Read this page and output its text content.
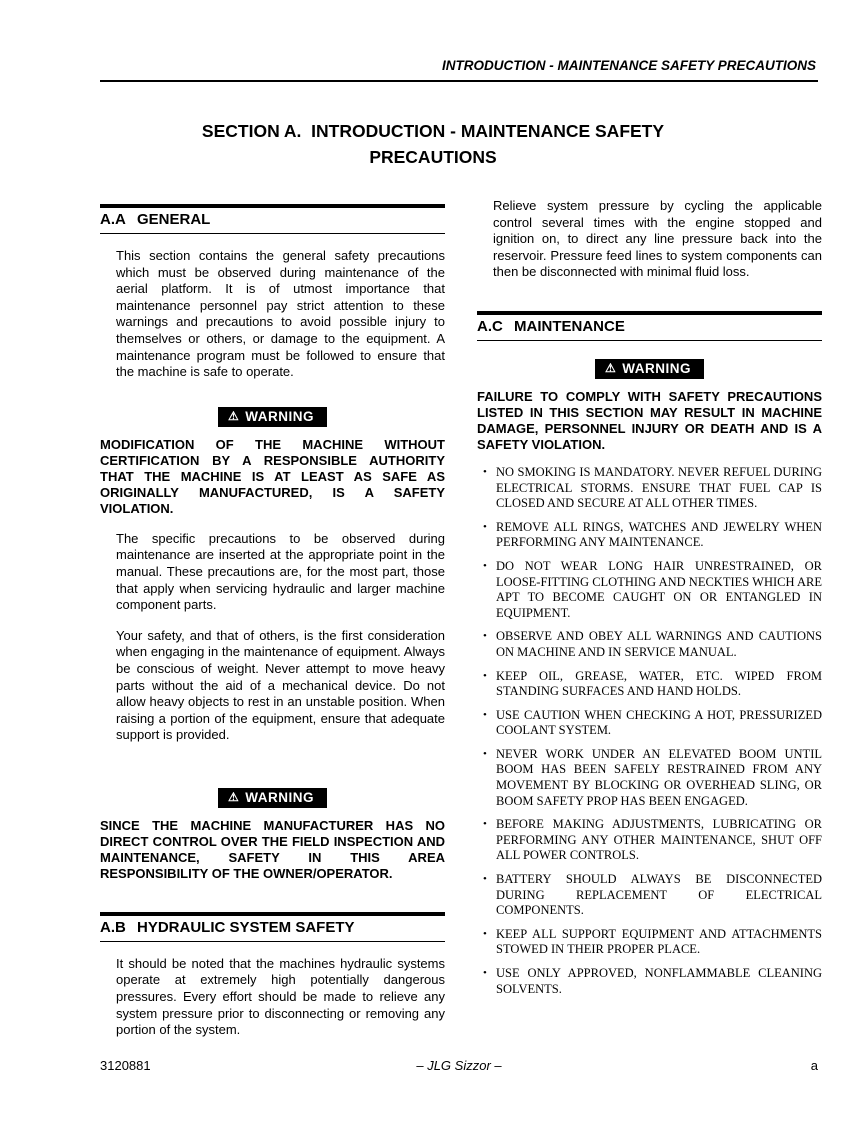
INTRODUCTION - MAINTENANCE SAFETY PRECAUTIONS
SECTION A.  INTRODUCTION - MAINTENANCE SAFETY
PRECAUTIONS
A.A GENERAL

This section contains the general safety precautions which must be observed during maintenance of the aerial platform. It is of utmost importance that maintenance personnel pay strict attention to these warnings and precautions to avoid possible injury to themselves or others, or damage to the equipment. A maintenance program must be followed to ensure that the machine is safe to operate.

⚠ WARNING

MODIFICATION OF THE MACHINE WITHOUT CERTIFICATION BY A RESPONSIBLE AUTHORITY THAT THE MACHINE IS AT LEAST AS SAFE AS ORIGINALLY MANUFACTURED, IS A SAFETY VIOLATION.

The specific precautions to be observed during maintenance are inserted at the appropriate point in the manual. These precautions are, for the most part, those that apply when servicing hydraulic and larger machine component parts.

Your safety, and that of others, is the first consideration when engaging in the maintenance of equipment. Always be conscious of weight. Never attempt to move heavy parts without the aid of a mechanical device. Do not allow heavy objects to rest in an unstable position. When raising a portion of the equipment, ensure that adequate support is provided.

⚠ WARNING

SINCE THE MACHINE MANUFACTURER HAS NO DIRECT CONTROL OVER THE FIELD INSPECTION AND MAINTENANCE, SAFETY IN THIS AREA RESPONSIBILITY OF THE OWNER/OPERATOR.

A.B HYDRAULIC SYSTEM SAFETY

It should be noted that the machines hydraulic systems operate at extremely high potentially dangerous pressures. Every effort should be made to relieve any system pressure prior to disconnecting or removing any portion of the system.

Relieve system pressure by cycling the applicable control several times with the engine stopped and ignition on, to direct any line pressure back into the reservoir. Pressure feed lines to system components can then be disconnected with minimal fluid loss.

A.C MAINTENANCE
⚠ WARNING

FAILURE TO COMPLY WITH SAFETY PRECAUTIONS LISTED IN THIS SECTION MAY RESULT IN MACHINE DAMAGE, PERSONNEL INJURY OR DEATH AND IS A SAFETY VIOLATION.

• NO SMOKING IS MANDATORY. NEVER REFUEL DURING ELECTRICAL STORMS. ENSURE THAT FUEL CAP IS CLOSED AND SECURE AT ALL OTHER TIMES.
• REMOVE ALL RINGS, WATCHES AND JEWELRY WHEN PERFORMING ANY MAINTENANCE.
• DO NOT WEAR LONG HAIR UNRESTRAINED, OR LOOSE-FITTING CLOTHING AND NECKTIES WHICH ARE APT TO BECOME CAUGHT ON OR ENTANGLED IN EQUIPMENT.
• OBSERVE AND OBEY ALL WARNINGS AND CAUTIONS ON MACHINE AND IN SERVICE MANUAL.
• KEEP OIL, GREASE, WATER, ETC. WIPED FROM STANDING SURFACES AND HAND HOLDS.
• USE CAUTION WHEN CHECKING A HOT, PRESSURIZED COOLANT SYSTEM.
• NEVER WORK UNDER AN ELEVATED BOOM UNTIL BOOM HAS BEEN SAFELY RESTRAINED FROM ANY MOVEMENT BY BLOCKING OR OVERHEAD SLING, OR BOOM SAFETY PROP HAS BEEN ENGAGED.
• BEFORE MAKING ADJUSTMENTS, LUBRICATING OR PERFORMING ANY OTHER MAINTENANCE, SHUT OFF ALL POWER CONTROLS.
• BATTERY SHOULD ALWAYS BE DISCONNECTED DURING REPLACEMENT OF ELECTRICAL COMPONENTS.
• KEEP ALL SUPPORT EQUIPMENT AND ATTACHMENTS STOWED IN THEIR PROPER PLACE.
• USE ONLY APPROVED, NONFLAMMABLE CLEANING SOLVENTS.
3120881	– JLG Sizzor –	a
